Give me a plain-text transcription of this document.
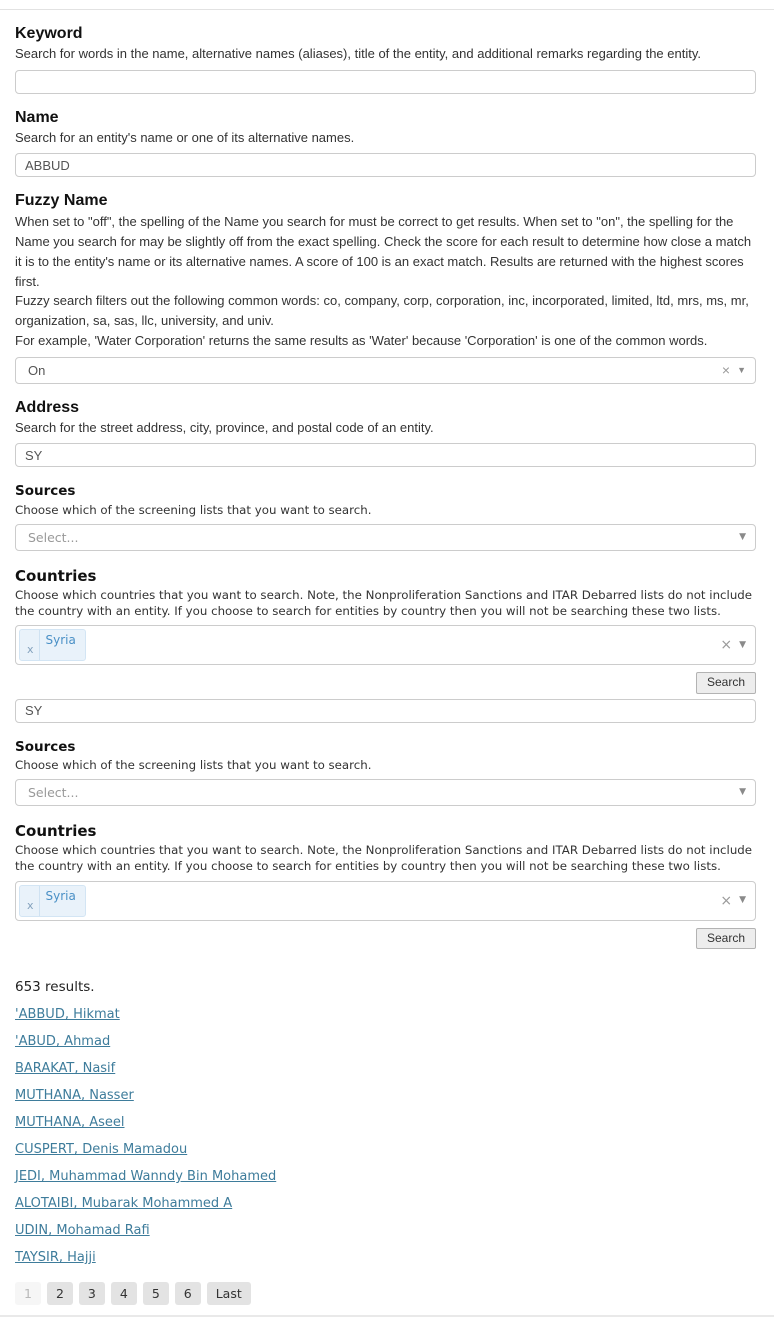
Keyword

Search for words in the name, alternative names (aliases), title of the entity, and additional remarks regarding the entity.

Name

Search for an entity's name or one of its alternative names.

ABBUD
Fuzzy Name

When set to "off", the spelling of the Name you search for must be correct to get results. When set to "on", the spelling for the Name you search for may be slightly off from the exact spelling. Check the score for each result to determine how close a match it is to the entity's name or its alternative names. A score of 100 is an exact match. Results are returned with the highest scores first.

Fuzzy search filters out the following common words: co, company, corp, corporation, inc, incorporated, limited, ltd, mrs, ms, mr, organization, sa, sas, llc, university, and univ.

For example, 'Water Corporation' returns the same results as 'Water' because 'Corporation' is one of the common words.

On	× ▼
Address

Search for the street address, city, province, and postal code of an entity.

SY
Sources

Choose which of the screening lists that you want to search.

Select...	▼
Countries

Choose which countries that you want to search. Note, the Nonproliferation Sanctions and ITAR Debarred lists do not include the country with an entity. If you choose to search for entities by country then you will not be searching these two lists.

x
Syria	× ▼
Search
SY
Sources

Choose which of the screening lists that you want to search.

Select...	▼
Countries

Choose which countries that you want to search. Note, the Nonproliferation Sanctions and ITAR Debarred lists do not include the country with an entity. If you choose to search for entities by country then you will not be searching these two lists.

x
Syria	× ▼
Search

653 results.

'ABBUD, Hikmat
'ABUD, Ahmad
BARAKAT, Nasif
MUTHANA, Nasser
MUTHANA, Aseel
CUSPERT, Denis Mamadou
JEDI, Muhammad Wanndy Bin Mohamed
ALOTAIBI, Mubarak Mohammed A
UDIN, Mohamad Rafi
TAYSIR, Hajji
1	2	3	4	5	6	Last
